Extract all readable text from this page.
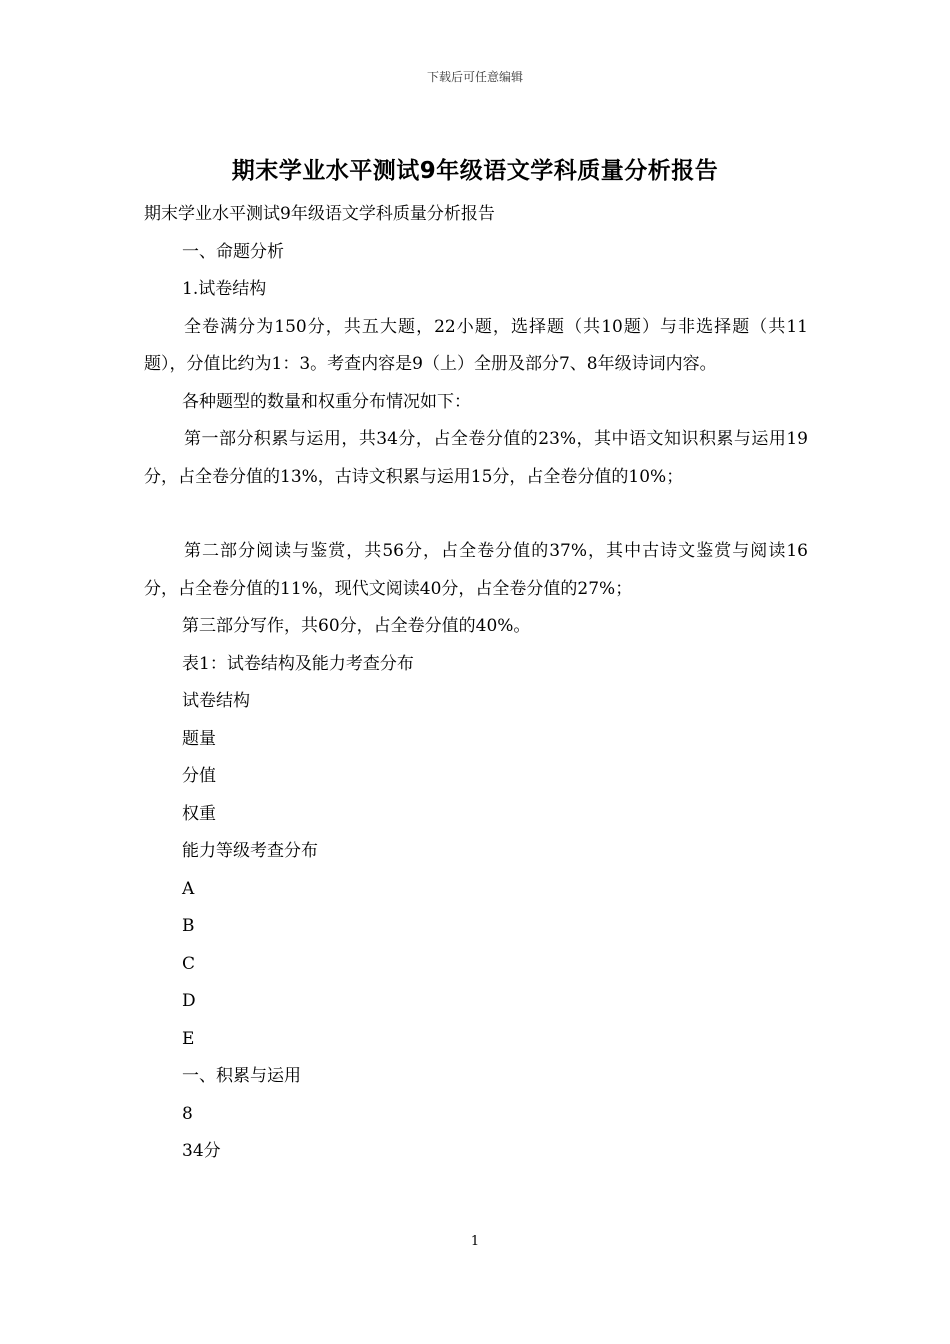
下载后可任意编辑
期末学业水平测试9年级语文学科质量分析报告

期末学业水平测试9年级语文学科质量分析报告

一、命题分析

1.试卷结构

全卷满分为150分，共五大题，22小题，选择题（共10题）与非选择题（共11题），分值比约为1：3。考查内容是9（上）全册及部分7、8年级诗词内容。

各种题型的数量和权重分布情况如下：

第一部分积累与运用，共34分，占全卷分值的23%，其中语文知识积累与运用19分，占全卷分值的13%，古诗文积累与运用15分，占全卷分值的10%；

第二部分阅读与鉴赏，共56分，占全卷分值的37%，其中古诗文鉴赏与阅读16分，占全卷分值的11%，现代文阅读40分，占全卷分值的27%；

第三部分写作，共60分，占全卷分值的40%。

表1：试卷结构及能力考查分布

试卷结构

题量

分值

权重

能力等级考查分布

A

B

C

D

E

一、积累与运用

8

34分

1
